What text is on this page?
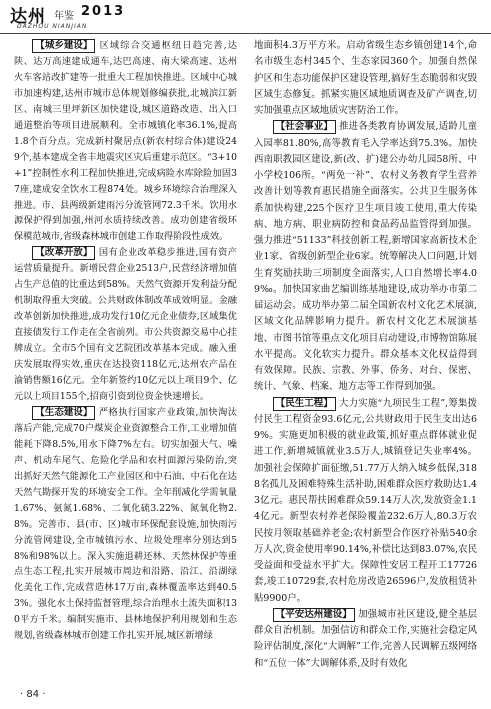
达州 年鉴 2013
DAZHOU NIANJIAN

【城乡建设】 区域综合交通枢纽日趋完善,达陕、达万高速建成通车,达巴高速、南大梁高速、达州火车客站改扩建等一批重大工程加快推进。区域中心城市加速构建,达州市城市总体规划修编获批,北城滨江新区、南城三里坪新区加快建设,城区道路改造、出入口通道整治等项目进展顺利。全市城镇化率36.1%,提高1.8个百分点。完成新村聚居点(新农村综合体)建设249个,基本建成全省丰地震灾区灾后重建示范区。“3+10+1”控制性水利工程加快推进,完成病险水库除险加固37座,建成安全饮水工程874处。城乡环境综合治理深入推进。市、县两级新建雨污分流管网72.3千米。饮用水源保护得到加强,州河水质持续改善。成功创建省级环保模范城市,省级森林城市创建工作取得阶段性成效。

【改革开放】 国有企业改革稳步推进,国有资产运营质量提升。新增民营企业2513户,民营经济增加值占生产总值的比重达到58%。天然气资源开发利益分配机制取得重大突破。公共财政体制改革成效明显。金融改革创新加快推进,成功发行10亿元企业债券,区域集优直接债发行工作走在全省前列。市公共资源交易中心挂牌成立。全市5个国有文艺院团改革基本完成。融入重庆发展取得实效,重庆在达投资118亿元,达州农产品在渝销售额16亿元。全年新签约10亿元以上项目9个、亿元以上项目155个,招商引资到位资金快速增长。

【生态建设】 严格执行国家产业政策,加快淘汰落后产能,完成70户煤炭企业资源整合工作,工业增加值能耗下降8.5%,用水下降7%左右。切实加强大气、噪声、机动车尾气、危险化学品和农村面源污染防治,突出抓好天然气能源化工产业园区和中石油、中石化在达天然气勘探开发的环境安全工作。全年削减化学需氧量1.67%、氨氮1.68%、二氧化硫3.22%、氮氧化物2.8%。完善市、县(市、区)城市环保配套设施,加快雨污分流管网建设,全市城镇污水、垃圾处理率分别达到58%和98%以上。深入实施退耕还林、天然林保护等重点生态工程,扎实开展城市周边和沿路、沿江、沿湖绿化美化工作,完成营造林17万亩,森林覆盖率达到40.53%。强化水土保持监督管理,综合治理水土流失面积130平方千米。编制实施市、县林地保护利用规划和生态规划,省级森林城市创建工作扎实开展,城区新增绿

地面积4.3万平方米。启动省级生态乡镇创建14个,命名市级生态村345个、生态家园360个。加强自然保护区和生态功能保护区建设管理,搞好生态脆弱和灾毁区域生态修复。抓紧实施区域地质调查及矿产调查,切实加强重点区域地质灾害防治工作。

【社会事业】 推进各类教育协调发展,适龄儿童入园率81.80%,高等教育毛入学率达到75.3%。加快西南职教园区建设,新(改、扩)建公办幼儿园58所、中小学校106所。“两免一补”、农村义务教育学生营养改善计划等教育惠民措施全面落实。公共卫生服务体系加快构建,225个医疗卫生项目竣工使用,重大传染病、地方病、职业病防控和食品药品监管得到加强。强力推进“51133”科技创新工程,新增国家高新技术企业1家、省级创新型企业6家。统筹解决人口问题,计划生育奖励扶助三项制度全面落实,人口自然增长率4.09‰。加快国家曲艺编训练基地建设,成功举办市第二届运动会。成功举办第二届全国新农村文化艺术展演,区域文化品牌影响力提升。新农村文化艺术展演基地、市图书馆等重点文化项目启动建设,市博物馆陈展水平提高。文化软实力提升。群众基本文化权益得到有效保障。民族、宗教、外事、侨务、对台、保密、统计、气象、档案、地方志等工作得到加强。

【民生工程】 大力实施“九项民生工程”,筹集拨付民生工程资金93.6亿元,公共财政用于民生支出达69%。实施更加积极的就业政策,抓好重点群体就业促进工作,新增城镇就业3.5万人,城镇登记失业率4%。加强社会保障扩面征缴,51.77万人纳入城乡低保,3188名孤儿及困难特殊生活补助,困难群众医疗救助达1.43亿元。惠民帮扶困难群众59.14万人次,发放资金1.14亿元。新型农村养老保险覆盖232.6万人,80.3万农民按月领取基础养老金;农村新型合作医疗补贴540余万人次,资金使用率90.14%,补偿比达到83.07%,农民受益面和受益水平扩大。保障性安居工程开工17726套,竣工10729套,农村危房改造26596户,发放租赁补贴9900户。

【平安达州建设】 加强城市社区建设,健全基层群众自治机制。加强信访和群众工作,实施社会稳定风险评估制度,深化“大调解”工作,完善人民调解五级网络和“五位一体”大调解体系,及时有效化

· 84 ·
